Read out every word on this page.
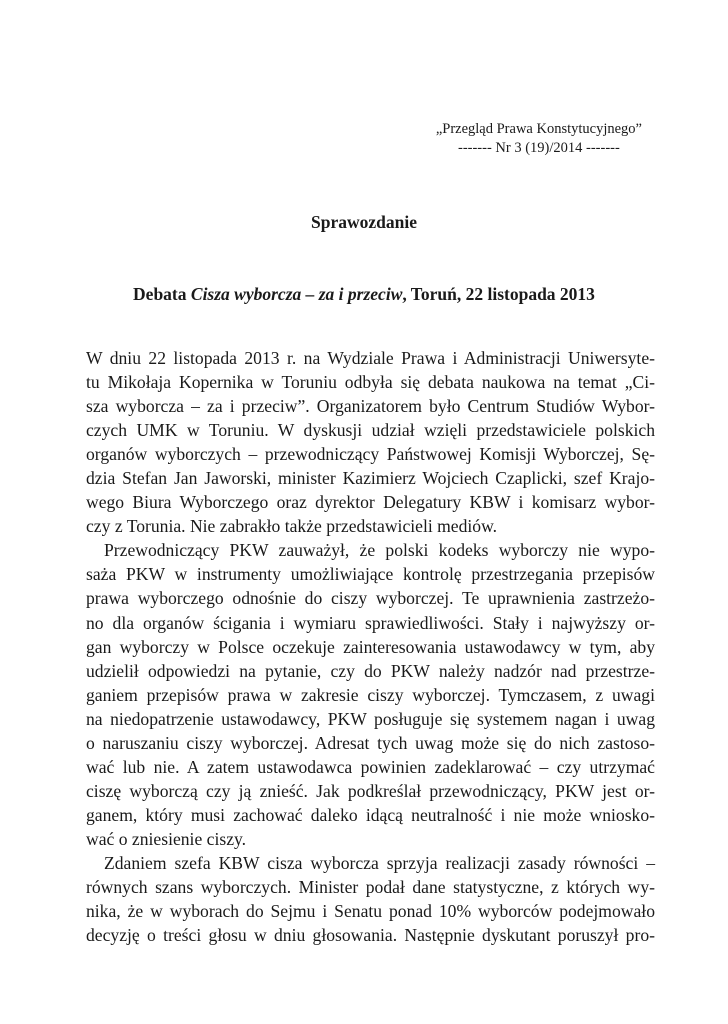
„Przegląd Prawa Konstytucyjnego”
------- Nr 3 (19)/2014 -------
Sprawozdanie
Debata Cisza wyborcza – za i przeciw, Toruń, 22 listopada 2013
W dniu 22 listopada 2013 r. na Wydziale Prawa i Administracji Uniwersyte-
tu Mikołaja Kopernika w Toruniu odbyła się debata naukowa na temat „Ci-
sza wyborcza – za i przeciw”. Organizatorem było Centrum Studiów Wybor-
czych UMK w Toruniu. W dyskusji udział wzięli przedstawiciele polskich
organów wyborczych – przewodniczący Państwowej Komisji Wyborczej, Sę-
dzia Stefan Jan Jaworski, minister Kazimierz Wojciech Czaplicki, szef Krajo-
wego Biura Wyborczego oraz dyrektor Delegatury KBW i komisarz wybor-
czy z Torunia. Nie zabrakło także przedstawicieli mediów.
Przewodniczący PKW zauważył, że polski kodeks wyborczy nie wypo-
saża PKW w instrumenty umożliwiające kontrolę przestrzegania przepisów
prawa wyborczego odnośnie do ciszy wyborczej. Te uprawnienia zastrzeżo-
no dla organów ścigania i wymiaru sprawiedliwości. Stały i najwyższy or-
gan wyborczy w Polsce oczekuje zainteresowania ustawodawcy w tym, aby
udzielił odpowiedzi na pytanie, czy do PKW należy nadzór nad przestrze-
ganiem przepisów prawa w zakresie ciszy wyborczej. Tymczasem, z uwagi
na niedopatrzenie ustawodawcy, PKW posługuje się systemem nagan i uwag
o naruszaniu ciszy wyborczej. Adresat tych uwag może się do nich zastoso-
wać lub nie. A zatem ustawodawca powinien zadeklarować – czy utrzymać
ciszę wyborczą czy ją znieść. Jak podkreślał przewodniczący, PKW jest or-
ganem, który musi zachować daleko idącą neutralność i nie może wniosko-
wać o zniesienie ciszy.
Zdaniem szefa KBW cisza wyborcza sprzyja realizacji zasady równości –
równych szans wyborczych. Minister podał dane statystyczne, z których wy-
nika, że w wyborach do Sejmu i Senatu ponad 10% wyborców podejmowało
decyzję o treści głosu w dniu głosowania. Następnie dyskutant poruszył pro-
